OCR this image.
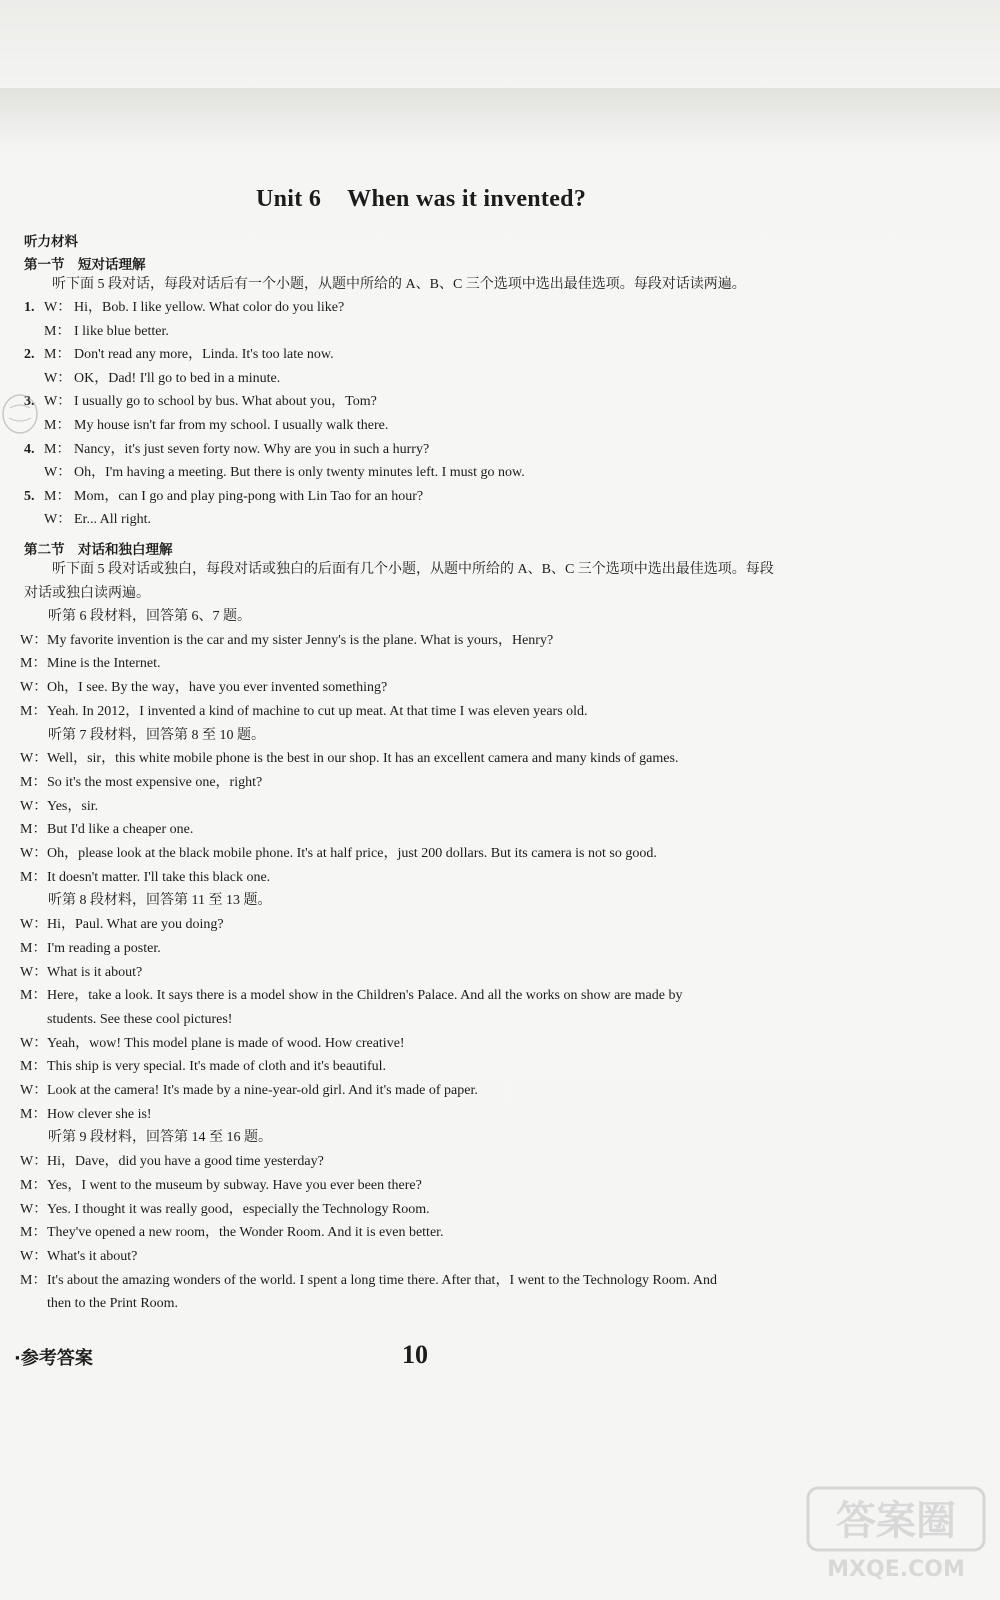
Unit 6 When was it invented?
听力材料
第一节　短对话理解
听下面 5 段对话，每段对话后有一个小题，从题中所给的 A、B、C 三个选项中选出最佳选项。每段对话读两遍。
1. W： Hi，Bob. I like yellow. What color do you like?
M： I like blue better.
2. M： Don't read any more，Linda. It's too late now.
W： OK，Dad! I'll go to bed in a minute.
3. W： I usually go to school by bus. What about you，Tom?
M： My house isn't far from my school. I usually walk there.
4. M： Nancy，it's just seven forty now. Why are you in such a hurry?
W： Oh，I'm having a meeting. But there is only twenty minutes left. I must go now.
5. M： Mom，can I go and play ping-pong with Lin Tao for an hour?
W： Er... All right.
第二节　对话和独白理解
听下面 5 段对话或独白，每段对话或独白的后面有几个小题，从题中所给的 A、B、C 三个选项中选出最佳选项。每段
对话或独白读两遍。
听第 6 段材料，回答第 6、7 题。
W： My favorite invention is the car and my sister Jenny's is the plane. What is yours，Henry?
M： Mine is the Internet.
W： Oh，I see. By the way，have you ever invented something?
M： Yeah. In 2012，I invented a kind of machine to cut up meat. At that time I was eleven years old.
听第 7 段材料，回答第 8 至 10 题。
W： Well，sir，this white mobile phone is the best in our shop. It has an excellent camera and many kinds of games.
M： So it's the most expensive one，right?
W： Yes，sir.
M： But I'd like a cheaper one.
W： Oh，please look at the black mobile phone. It's at half price，just 200 dollars. But its camera is not so good.
M： It doesn't matter. I'll take this black one.
听第 8 段材料，回答第 11 至 13 题。
W： Hi，Paul. What are you doing?
M： I'm reading a poster.
W： What is it about?
M： Here，take a look. It says there is a model show in the Children's Palace. And all the works on show are made by
students. See these cool pictures!
W： Yeah，wow! This model plane is made of wood. How creative!
M： This ship is very special. It's made of cloth and it's beautiful.
W： Look at the camera! It's made by a nine-year-old girl. And it's made of paper.
M： How clever she is!
听第 9 段材料，回答第 14 至 16 题。
W： Hi，Dave，did you have a good time yesterday?
M： Yes，I went to the museum by subway. Have you ever been there?
W： Yes. I thought it was really good，especially the Technology Room.
M： They've opened a new room，the Wonder Room. And it is even better.
W： What's it about?
M： It's about the amazing wonders of the world. I spent a long time there. After that，I went to the Technology Room. And
then to the Print Room.
·参考答案	10
答案圈
MXQE.COM
